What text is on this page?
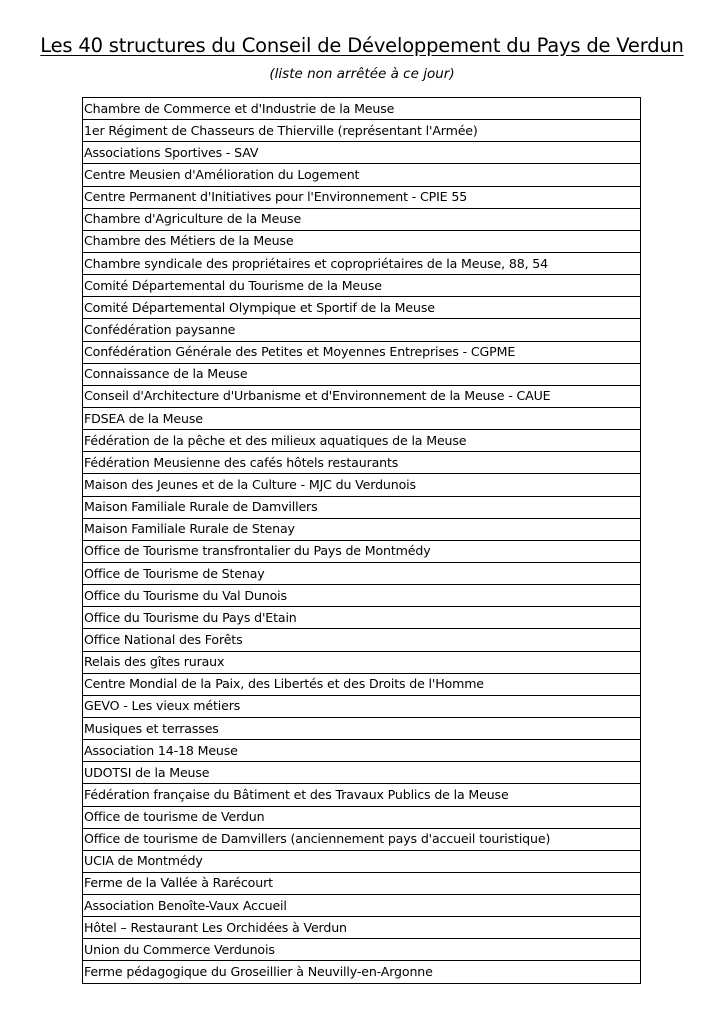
Les 40 structures du Conseil de Développement du Pays de Verdun
(liste non arrêtée à ce jour)
Chambre de Commerce et d'Industrie de la Meuse
1er Régiment de Chasseurs de Thierville (représentant l'Armée)
Associations Sportives - SAV
Centre Meusien d'Amélioration du Logement
Centre Permanent d'Initiatives pour l'Environnement - CPIE 55
Chambre d'Agriculture de la Meuse
Chambre des Métiers de la Meuse
Chambre syndicale des propriétaires et copropriétaires de la Meuse, 88, 54
Comité Départemental du Tourisme de la Meuse
Comité Départemental Olympique et Sportif de la Meuse
Confédération paysanne
Confédération Générale des Petites et Moyennes Entreprises - CGPME
Connaissance de la Meuse
Conseil d'Architecture d'Urbanisme et d'Environnement de la Meuse - CAUE
FDSEA de la Meuse
Fédération de la pêche et des milieux aquatiques de la Meuse
Fédération Meusienne des cafés hôtels restaurants
Maison des Jeunes et de la Culture - MJC du Verdunois
Maison Familiale Rurale de Damvillers
Maison Familiale Rurale de Stenay
Office de Tourisme transfrontalier du Pays de Montmédy
Office de Tourisme de Stenay
Office du Tourisme du Val Dunois
Office du Tourisme du Pays d'Etain
Office National des Forêts
Relais des gîtes ruraux
Centre Mondial de la Paix, des Libertés et des Droits de l'Homme
GEVO - Les vieux métiers
Musiques et terrasses
Association 14-18 Meuse
UDOTSI de la Meuse
Fédération française du Bâtiment et des Travaux Publics de la Meuse
Office de tourisme de Verdun
Office de tourisme de Damvillers (anciennement pays d'accueil touristique)
UCIA de Montmédy
Ferme de la Vallée à Rarécourt
Association Benoîte-Vaux Accueil
Hôtel – Restaurant Les Orchidées à Verdun
Union du Commerce Verdunois
Ferme pédagogique du Groseillier à Neuvilly-en-Argonne
